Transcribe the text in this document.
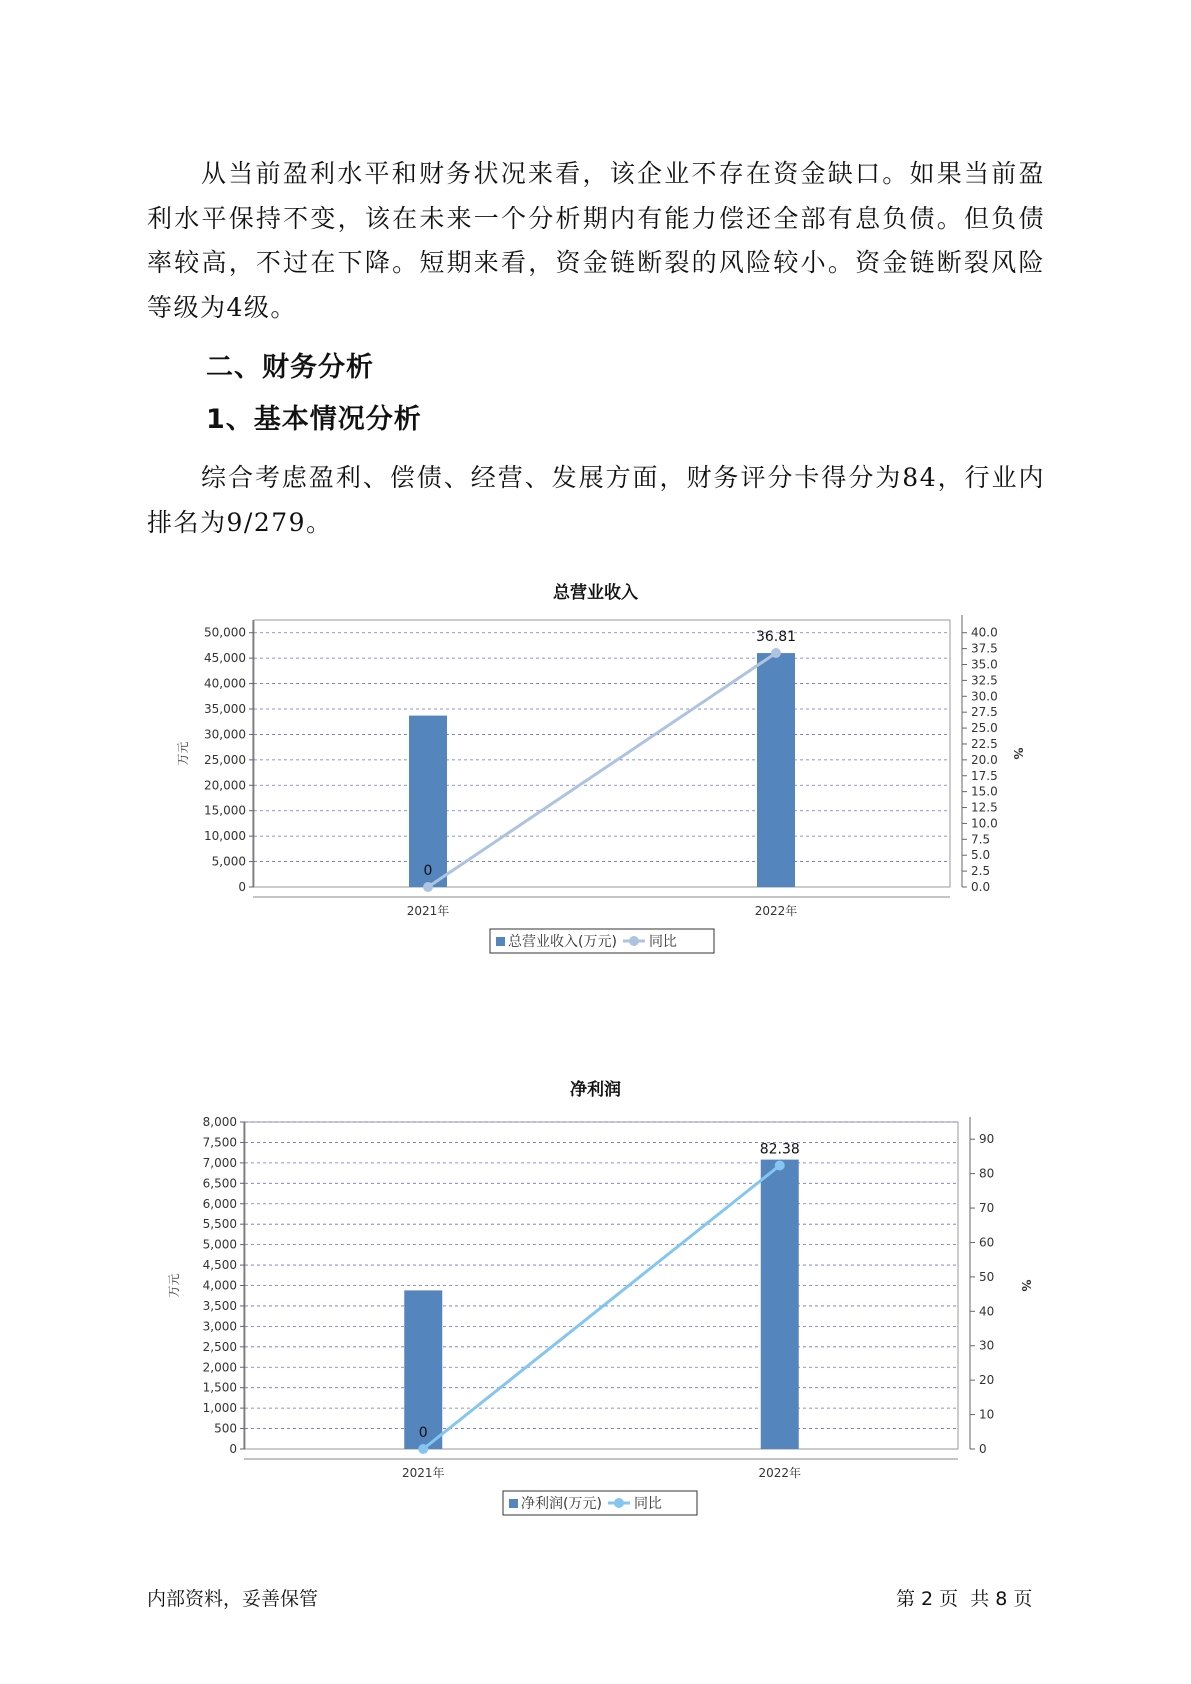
从当前盈利水平和财务状况来看，该企业不存在资金缺口。如果当前盈利水平保持不变，该在未来一个分析期内有能力偿还全部有息负债。但负债率较高，不过在下降。短期来看，资金链断裂的风险较小。资金链断裂风险等级为4级。

二、财务分析
1、基本情况分析

综合考虑盈利、偿债、经营、发展方面，财务评分卡得分为84，行业内排名为9/279。

总营业收入
0
5,000
10,000
15,000
20,000
25,000
30,000
35,000
40,000
45,000
50,000
0.0
2.5
5.0
7.5
10.0
12.5
15.0
17.5
20.0
22.5
25.0
27.5
30.0
32.5
35.0
37.5
40.0
万元	%
2021年	2022年
0
36.81
总营业收入(万元) 同比
净利润
0
500
1,000
1,500
2,000
2,500
3,000
3,500
4,000
4,500
5,000
5,500
6,000
6,500
7,000
7,500
8,000
0
10
20
30
40
50
60
70
80
90
万元	%
2021年	2022年
0
82.38
净利润(万元) 同比
内部资料，妥善保管	第 2 页  共 8 页
